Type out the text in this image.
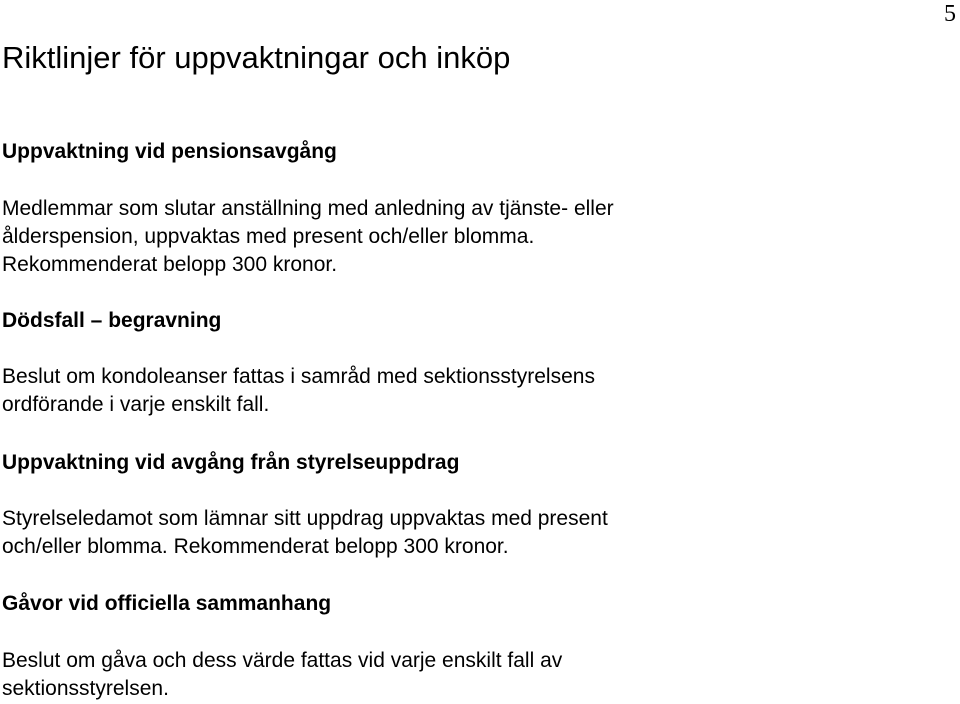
5
Riktlinjer för uppvaktningar och inköp
Uppvaktning vid pensionsavgång

Medlemmar som slutar anställning med anledning av tjänste- eller
ålderspension, uppvaktas med present och/eller blomma.
Rekommenderat belopp 300 kronor.

Dödsfall – begravning

Beslut om kondoleanser fattas i samråd med sektionsstyrelsens
ordförande i varje enskilt fall.

Uppvaktning vid avgång från styrelseuppdrag

Styrelseledamot som lämnar sitt uppdrag uppvaktas med present
och/eller blomma. Rekommenderat belopp 300 kronor.

Gåvor vid officiella sammanhang

Beslut om gåva och dess värde fattas vid varje enskilt fall av
sektionsstyrelsen.
